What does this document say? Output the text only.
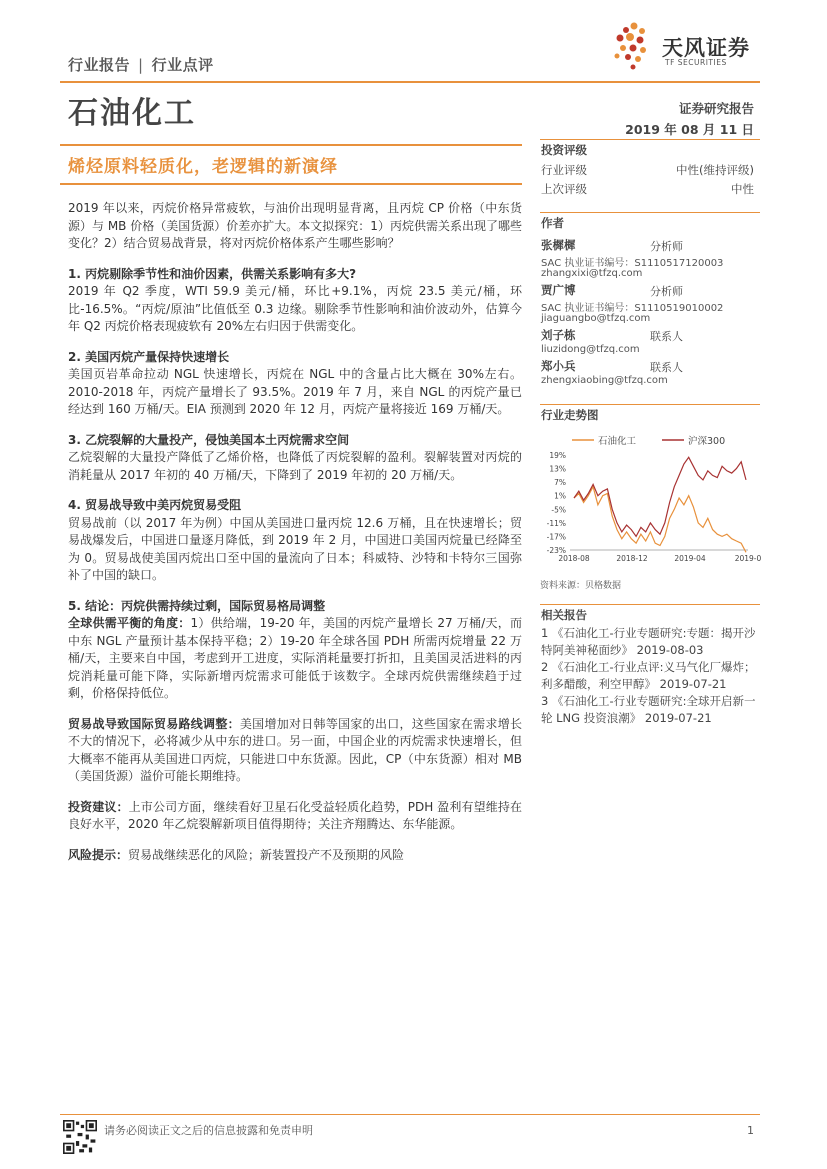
行业报告 | 行业点评
天风证券
TF SECURITIES
石油化工	证券研究报告
2019 年 08 月 11 日
烯烃原料轻质化，老逻辑的新演绎

2019 年以来，丙烷价格异常疲软，与油价出现明显背离，且丙烷 CP 价格（中东货源）与 MB 价格（美国货源）价差亦扩大。本文拟探究：1）丙烷供需关系出现了哪些变化？2）结合贸易战背景，将对丙烷价格体系产生哪些影响？

1. 丙烷剔除季节性和油价因素，供需关系影响有多大?

2019 年 Q2 季度，WTI 59.9 美元/桶，环比+9.1%，丙烷 23.5 美元/桶，环比-16.5%。“丙烷/原油”比值低至 0.3 边缘。剔除季节性影响和油价波动外，估算今年 Q2 丙烷价格表现疲软有 20%左右归因于供需变化。

2. 美国丙烷产量保持快速增长

美国页岩革命拉动 NGL 快速增长，丙烷在 NGL 中的含量占比大概在 30%左右。2010-2018 年，丙烷产量增长了 93.5%。2019 年 7 月，来自 NGL 的丙烷产量已经达到 160 万桶/天。EIA 预测到 2020 年 12 月，丙烷产量将接近 169 万桶/天。

3. 乙烷裂解的大量投产，侵蚀美国本土丙烷需求空间

乙烷裂解的大量投产降低了乙烯价格，也降低了丙烷裂解的盈利。裂解装置对丙烷的消耗量从 2017 年初的 40 万桶/天，下降到了 2019 年初的 20 万桶/天。

4. 贸易战导致中美丙烷贸易受阻

贸易战前（以 2017 年为例）中国从美国进口量丙烷 12.6 万桶，且在快速增长；贸易战爆发后，中国进口量逐月降低，到 2019 年 2 月，中国进口美国丙烷量已经降至为 0。贸易战使美国丙烷出口至中国的量流向了日本；科威特、沙特和卡特尔三国弥补了中国的缺口。

5. 结论：丙烷供需持续过剩，国际贸易格局调整

全球供需平衡的角度：1）供给端，19-20 年，美国的丙烷产量增长 27 万桶/天，而中东 NGL 产量预计基本保持平稳；2）19-20 年全球各国 PDH 所需丙烷增量 22 万桶/天，主要来自中国，考虑到开工进度，实际消耗量要打折扣，且美国灵活进料的丙烷消耗量可能下降，实际新增丙烷需求可能低于该数字。全球丙烷供需继续趋于过剩，价格保持低位。

贸易战导致国际贸易路线调整：美国增加对日韩等国家的出口，这些国家在需求增长不大的情况下，必将减少从中东的进口。另一面，中国企业的丙烷需求快速增长，但大概率不能再从美国进口丙烷，只能进口中东货源。因此，CP（中东货源）相对 MB（美国货源）溢价可能长期维持。

投资建议：上市公司方面，继续看好卫星石化受益轻质化趋势，PDH 盈利有望维持在良好水平，2020 年乙烷裂解新项目值得期待；关注齐翔腾达、东华能源。

风险提示：贸易战继续恶化的风险；新装置投产不及预期的风险

投资评级
行业评级	中性(维持评级)
上次评级	中性
作者
张樨樨	分析师
SAC 执业证书编号：S1110517120003
zhangxixi@tfzq.com
贾广博	分析师
SAC 执业证书编号：S1110519010002
jiaguangbo@tfzq.com
刘子栋	联系人
liuzidong@tfzq.com
郑小兵	联系人
zhengxiaobing@tfzq.com
行业走势图
石油化工	沪深300
19%
13%
7%
1%
-5%
-11%
-17%
-23%
2018-08	2018-12	2019-04	2019-0
资料来源：贝格数据
相关报告
1 《石油化工-行业专题研究:专题：揭开沙特阿美神秘面纱》 2019-08-03
2 《石油化工-行业点评:义马气化厂爆炸；利多醋酸，利空甲醇》 2019-07-21
3 《石油化工-行业专题研究:全球开启新一轮 LNG 投资浪潮》 2019-07-21
请务必阅读正文之后的信息披露和免责申明	1
